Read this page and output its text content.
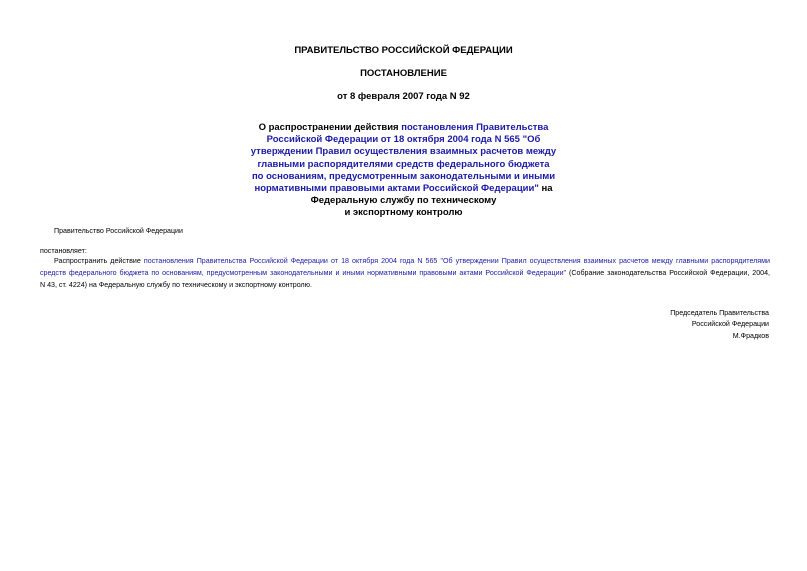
ПРАВИТЕЛЬСТВО РОССИЙСКОЙ ФЕДЕРАЦИИ
ПОСТАНОВЛЕНИЕ
от 8 февраля 2007 года N 92
О распространении действия постановления Правительства
Российской Федерации от 18 октября 2004 года N 565 "Об
утверждении Правил осуществления взаимных расчетов между
главными распорядителями средств федерального бюджета
по основаниям, предусмотренным законодательными и иными
нормативными правовыми актами Российской Федерации" на
Федеральную службу по техническому
и экспортному контролю
Правительство Российской Федерации
постановляет:
Распространить действие постановления Правительства Российской Федерации от 18 октября 2004 года N 565 "Об утверждении Правил осуществления взаимных расчетов между главными распорядителями
средств федерального бюджета по основаниям, предусмотренным законодательными и иными нормативными правовыми актами Российской Федерации" (Собрание законодательства Российской Федерации, 2004,
N 43, ст. 4224) на Федеральную службу по техническому и экспортному контролю.
Председатель Правительства
Российской Федерации
М.Фрадков
